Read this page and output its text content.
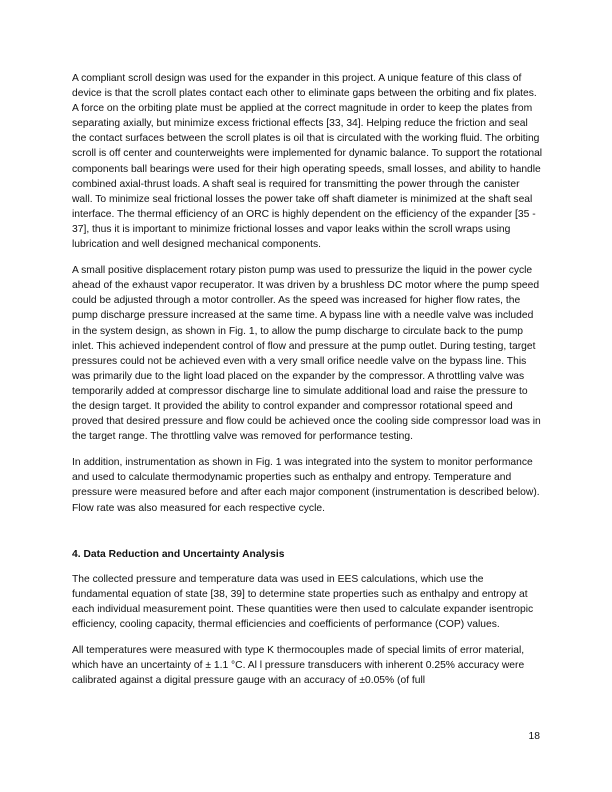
A compliant scroll design was used for the expander in this project. A unique feature of this class of device is that the scroll plates contact each other to eliminate gaps between the orbiting and fix plates. A force on the orbiting plate must be applied at the correct magnitude in order to keep the plates from separating axially, but minimize excess frictional effects [33, 34]. Helping reduce the friction and seal the contact surfaces between the scroll plates is oil that is circulated with the working fluid. The orbiting scroll is off center and counterweights were implemented for dynamic balance. To support the rotational components ball bearings were used for their high operating speeds, small losses, and ability to handle combined axial-thrust loads. A shaft seal is required for transmitting the power through the canister wall. To minimize seal frictional losses the power take off shaft diameter is minimized at the shaft seal interface. The thermal efficiency of an ORC is highly dependent on the efficiency of the expander [35 - 37], thus it is important to minimize frictional losses and vapor leaks within the scroll wraps using lubrication and well designed mechanical components.

A small positive displacement rotary piston pump was used to pressurize the liquid in the power cycle ahead of the exhaust vapor recuperator. It was driven by a brushless DC motor where the pump speed could be adjusted through a motor controller. As the speed was increased for higher flow rates, the pump discharge pressure increased at the same time. A bypass line with a needle valve was included in the system design, as shown in Fig. 1, to allow the pump discharge to circulate back to the pump inlet. This achieved independent control of flow and pressure at the pump outlet. During testing, target pressures could not be achieved even with a very small orifice needle valve on the bypass line. This was primarily due to the light load placed on the expander by the compressor. A throttling valve was temporarily added at compressor discharge line to simulate additional load and raise the pressure to the design target. It provided the ability to control expander and compressor rotational speed and proved that desired pressure and flow could be achieved once the cooling side compressor load was in the target range. The throttling valve was removed for performance testing.

In addition, instrumentation as shown in Fig. 1 was integrated into the system to monitor performance and used to calculate thermodynamic properties such as enthalpy and entropy. Temperature and pressure were measured before and after each major component (instrumentation is described below). Flow rate was also measured for each respective cycle.

4. Data Reduction and Uncertainty Analysis

The collected pressure and temperature data was used in EES calculations, which use the fundamental equation of state [38, 39] to determine state properties such as enthalpy and entropy at each individual measurement point. These quantities were then used to calculate expander isentropic efficiency, cooling capacity, thermal efficiencies and coefficients of performance (COP) values.

All temperatures were measured with type K thermocouples made of special limits of error material, which have an uncertainty of ± 1.1 °C. Al l pressure transducers with inherent 0.25% accuracy were calibrated against a digital pressure gauge with an accuracy of ±0.05% (of full

18
